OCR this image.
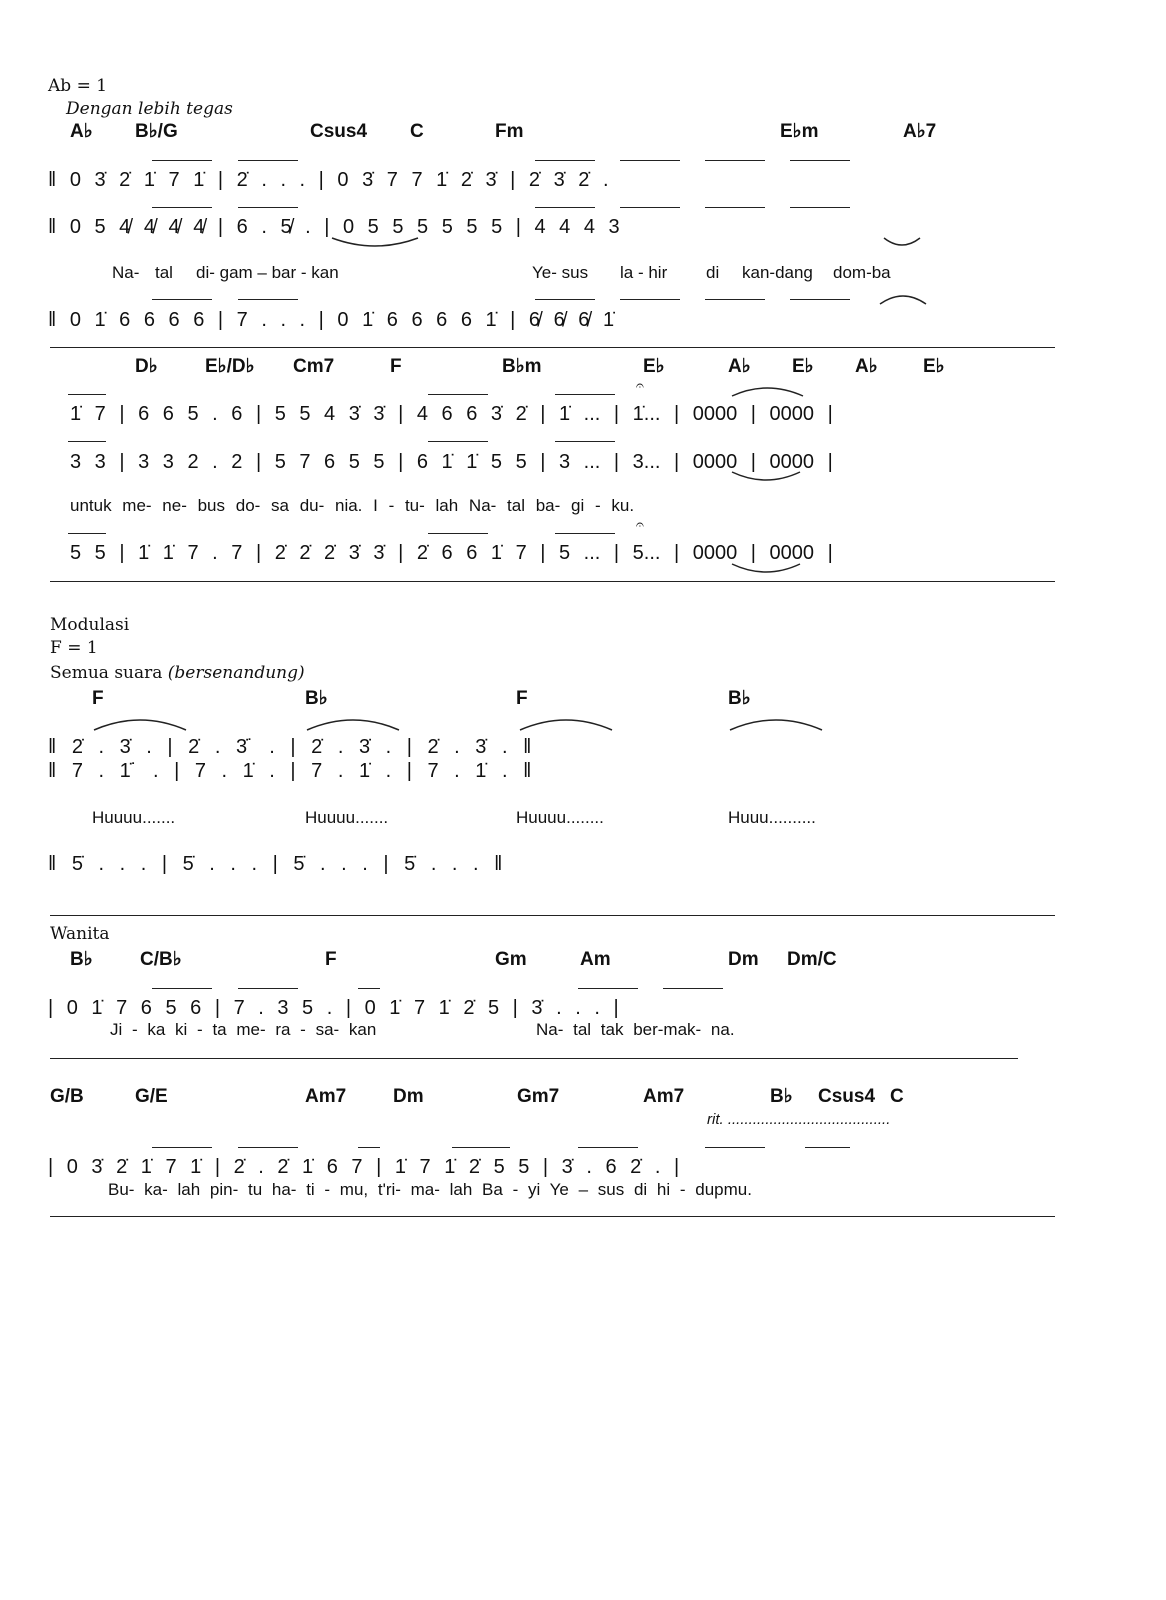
Ab = 1
Dengan lebih tegas
A♭ B♭/G	Csus4 C	Fm	E♭m	A♭7
‖ 0 3̇ 2̇ 1̇ 7 1̇ | 2̇ . . . | 0 3̇ 7 7 1̇ 2̇ 3̇ | 2̇ 3̇ 2̇ .
‖ 0 5 4̸ 4̸ 4̸ 4̸ | 6 . 5̸ . | 0 5 5 5 5 5 5 | 4 4 4 3
Na- tal di- gam – bar - kan	Ye- sus la - hir di kan-dang dom-ba
‖ 0 1̇ 6 6 6 6 | 7 . . . | 0 1̇ 6 6 6 6 1̇ | 6̸ 6̸ 6̸ 1̇
D♭ E♭/D♭ Cm7	F	B♭m	E♭	A♭ E♭ A♭ E♭
𝄐
1̇ 7 | 6 6 5 . 6 | 5 5 4 3̇ 3̇ | 4 6 6 3̇ 2̇ | 1̇ ... | 1̇... | 0000 | 0000 |
3 3 | 3 3 2 . 2 | 5 7 6 5 5 | 6 1̇ 1̇ 5 5 | 3 ... | 3... | 0000 | 0000 |
untuk me- ne- bus do- sa du- nia. I - tu- lah Na- tal ba- gi - ku.
𝄐
5 5 | 1̇ 1̇ 7 . 7 | 2̇ 2̇ 2̇ 3̇ 3̇ | 2̇ 6 6 1̇ 7 | 5 ... | 5... | 0000 | 0000 |
Modulasi
F = 1
Semua suara (bersenandung)
F	B♭	F	B♭
‖ 2̇ . 3̇ . | 2̇ . 3̇˙ . | 2̇ . 3̇ . | 2̇ . 3̇ . ‖
‖ 7 . 1̇˙ . | 7 . 1̇ . | 7 . 1̇ . | 7 . 1̇ . ‖
Huuuu.......	Huuuu.......	Huuuu........	Huuu..........
‖ 5̇ . . . | 5̇ . . . | 5̇ . . . | 5̇ . . . ‖
Wanita
B♭ C/B♭	F	Gm	Am	Dm Dm/C
| 0 1̇ 7 6 5 6 | 7 . 3 5 . | 0 1̇ 7 1̇ 2̇ 5 | 3̇ . . . |
Ji - ka ki - ta me- ra - sa- kan	Na- tal tak ber-mak- na.
G/B	G/E	Am7 Dm	Gm7	Am7	B♭ Csus4 C
rit. .......................................
| 0 3̇ 2̇ 1̇ 7 1̇ | 2̇ . 2̇ 1̇ 6 7 | 1̇ 7 1̇ 2̇ 5 5 | 3̇ . 6 2̇ . |
Bu- ka- lah pin- tu ha- ti - mu, t'ri- ma- lah Ba - yi Ye – sus di hi - dupmu.
